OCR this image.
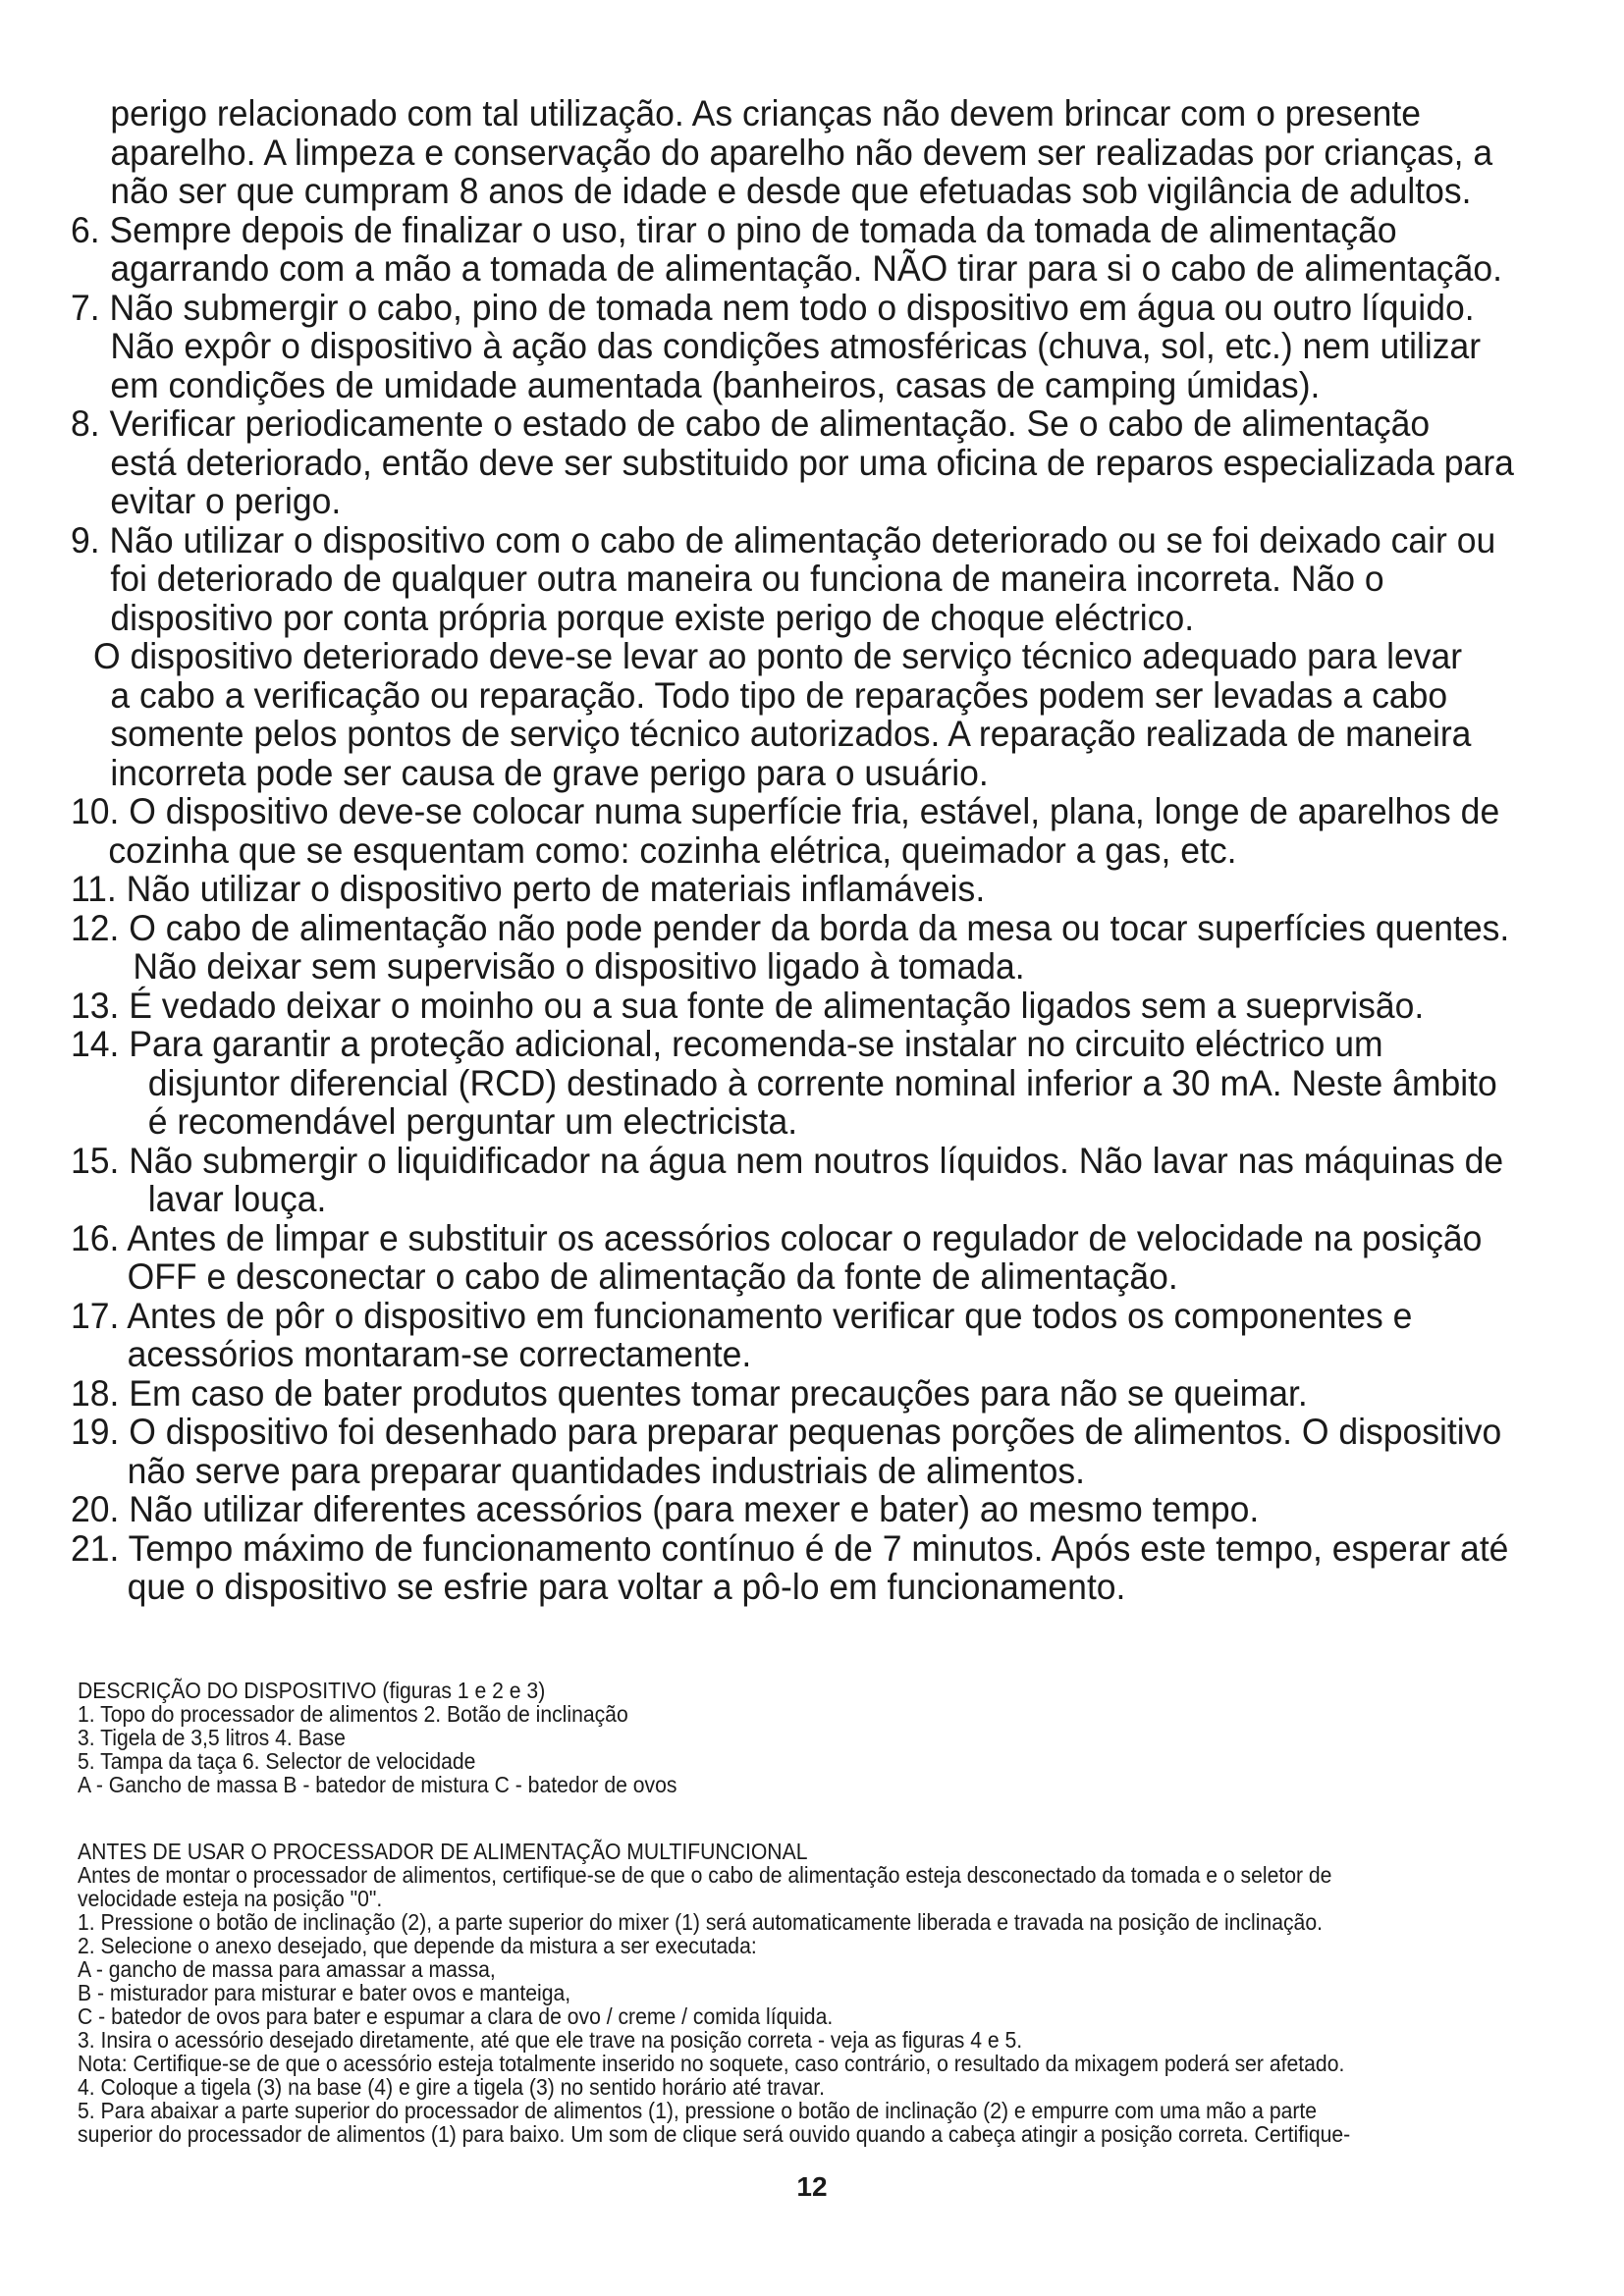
perigo relacionado com tal utilização. As crianças não devem brincar com o presente

aparelho. A limpeza e conservação do aparelho não devem ser realizadas por crianças, a

não ser que cumpram 8 anos de idade e desde que efetuadas sob vigilância de adultos.

6. Sempre depois de finalizar o uso, tirar o pino de tomada da tomada de alimentação

agarrando com a mão a tomada de alimentação. NÃO tirar para si o cabo de alimentação.

7. Não submergir o cabo, pino de tomada nem todo o dispositivo em água ou outro líquido.

Não expôr o dispositivo à ação das condições atmosféricas (chuva, sol, etc.) nem utilizar

em condições de umidade aumentada (banheiros, casas de camping úmidas).

8. Verificar periodicamente o estado de cabo de alimentação. Se o cabo de alimentação

está deteriorado, então deve ser substituido por uma oficina de reparos especializada para

evitar o perigo.

9. Não utilizar o dispositivo com o cabo de alimentação deteriorado ou se foi deixado cair ou

foi deteriorado de qualquer outra maneira ou funciona de maneira incorreta. Não o

dispositivo por conta própria porque existe perigo de choque eléctrico.

O dispositivo deteriorado deve-se levar ao ponto de serviço técnico adequado para levar

a cabo a verificação ou reparação. Todo tipo de reparações podem ser levadas a cabo

somente pelos pontos de serviço técnico autorizados. A reparação realizada de maneira

incorreta pode ser causa de grave perigo para o usuário.

10. O dispositivo deve-se colocar numa superfície fria, estável, plana, longe de aparelhos de

cozinha que se esquentam como: cozinha elétrica, queimador a gas, etc.

11. Não utilizar o dispositivo perto de materiais inflamáveis.

12. O cabo de alimentação não pode pender da borda da mesa ou tocar superfícies quentes.

Não deixar sem supervisão o dispositivo ligado à tomada.

13. É vedado deixar o moinho ou a sua fonte de alimentação ligados sem a sueprvisão.

14. Para garantir a proteção adicional, recomenda-se instalar no circuito eléctrico um

disjuntor diferencial (RCD) destinado à corrente nominal inferior a 30 mA. Neste âmbito

é recomendável perguntar um electricista.

15. Não submergir o liquidificador na água nem noutros líquidos. Não lavar nas máquinas de

lavar louça.

16. Antes de limpar e substituir os acessórios colocar o regulador de velocidade na posição

OFF e desconectar o cabo de alimentação da fonte de alimentação.

17. Antes de pôr o dispositivo em funcionamento verificar que todos os componentes e

acessórios montaram-se correctamente.

18. Em caso de bater produtos quentes tomar precauções para não se queimar.

19. O dispositivo foi desenhado para preparar pequenas porções de alimentos. O dispositivo

não serve para preparar quantidades industriais de alimentos.

20. Não utilizar diferentes acessórios (para mexer e bater) ao mesmo tempo.

21. Tempo máximo de funcionamento contínuo é de 7 minutos. Após este tempo, esperar até

que o dispositivo se esfrie para voltar a pô-lo em funcionamento.

DESCRIÇÃO DO DISPOSITIVO (figuras 1 e 2 e 3)

1. Topo do processador de alimentos 2. Botão de inclinação

3. Tigela de 3,5 litros 4. Base

5. Tampa da taça 6. Selector de velocidade

A - Gancho de massa B - batedor de mistura C - batedor de ovos

ANTES DE USAR O PROCESSADOR DE ALIMENTAÇÃO MULTIFUNCIONAL

Antes de montar o processador de alimentos, certifique-se de que o cabo de alimentação esteja desconectado da tomada e o seletor de

velocidade esteja na posição "0".

1. Pressione o botão de inclinação (2), a parte superior do mixer (1) será automaticamente liberada e travada na posição de inclinação.

2. Selecione o anexo desejado, que depende da mistura a ser executada:

A - gancho de massa para amassar a massa,

B - misturador para misturar e bater ovos e manteiga,

C - batedor de ovos para bater e espumar a clara de ovo / creme / comida líquida.

3. Insira o acessório desejado diretamente, até que ele trave na posição correta - veja as figuras 4 e 5.

Nota: Certifique-se de que o acessório esteja totalmente inserido no soquete, caso contrário, o resultado da mixagem poderá ser afetado.

4. Coloque a tigela (3) na base (4) e gire a tigela (3) no sentido horário até travar.

5. Para abaixar a parte superior do processador de alimentos (1), pressione o botão de inclinação (2) e empurre com uma mão a parte

superior do processador de alimentos (1) para baixo. Um som de clique será ouvido quando a cabeça atingir a posição correta. Certifique-

12
